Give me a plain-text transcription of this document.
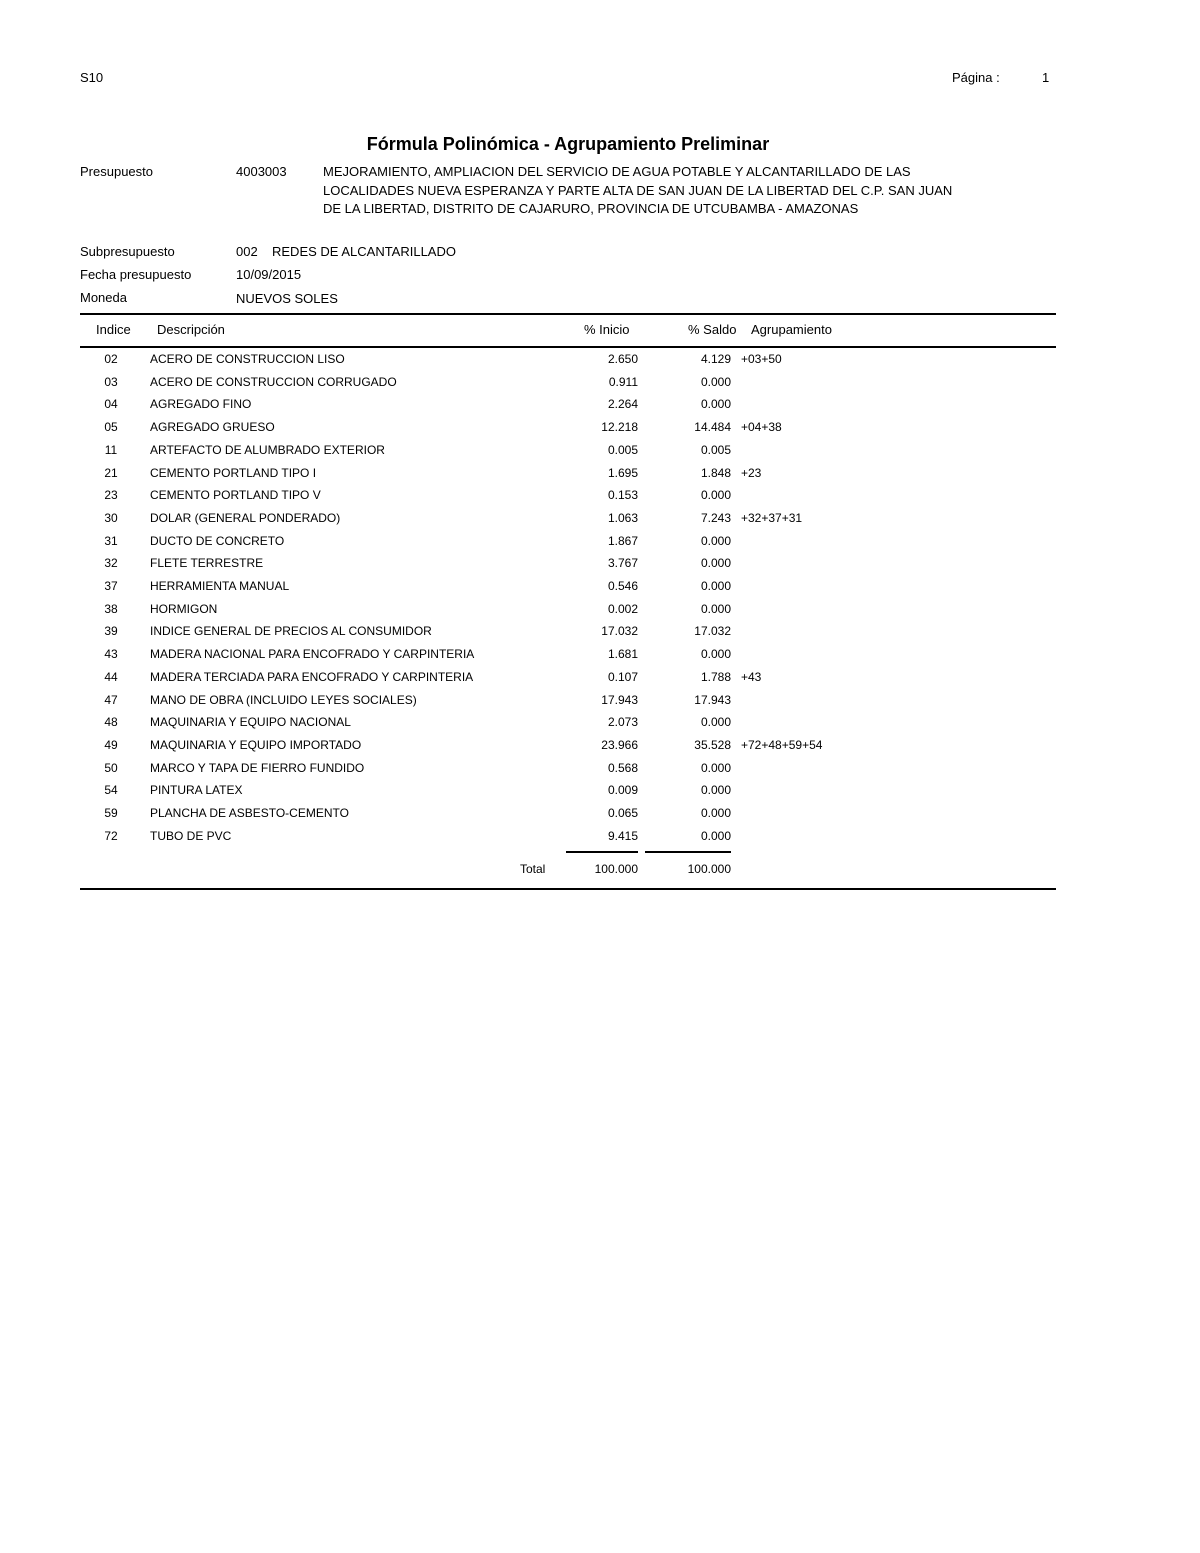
S10	Página :	1
Fórmula Polinómica - Agrupamiento Preliminar
Presupuesto	4003003	MEJORAMIENTO, AMPLIACION DEL SERVICIO DE AGUA POTABLE Y ALCANTARILLADO DE LAS LOCALIDADES NUEVA ESPERANZA Y PARTE ALTA DE SAN JUAN DE LA LIBERTAD DEL C.P. SAN JUAN DE LA LIBERTAD, DISTRITO DE CAJARURO, PROVINCIA DE UTCUBAMBA - AMAZONAS
Subpresupuesto	002 REDES DE ALCANTARILLADO
Fecha presupuesto	10/09/2015
Moneda	NUEVOS SOLES
Indice Descripción	% Inicio	% Saldo Agrupamiento
02	ACERO DE CONSTRUCCION LISO	2.650	4.129 +03+50
03	ACERO DE CONSTRUCCION CORRUGADO	0.911	0.000
04	AGREGADO FINO	2.264	0.000
05	AGREGADO GRUESO	12.218	14.484 +04+38
11	ARTEFACTO DE ALUMBRADO EXTERIOR	0.005	0.005
21	CEMENTO PORTLAND TIPO I	1.695	1.848 +23
23	CEMENTO PORTLAND TIPO V	0.153	0.000
30	DOLAR (GENERAL PONDERADO)	1.063	7.243 +32+37+31
31	DUCTO DE CONCRETO	1.867	0.000
32	FLETE TERRESTRE	3.767	0.000
37	HERRAMIENTA MANUAL	0.546	0.000
38	HORMIGON	0.002	0.000
39	INDICE GENERAL DE PRECIOS AL CONSUMIDOR	17.032	17.032
43	MADERA NACIONAL PARA ENCOFRADO Y CARPINTERIA	1.681	0.000
44	MADERA TERCIADA PARA ENCOFRADO Y CARPINTERIA	0.107	1.788 +43
47	MANO DE OBRA (INCLUIDO LEYES SOCIALES)	17.943	17.943
48	MAQUINARIA Y EQUIPO NACIONAL	2.073	0.000
49	MAQUINARIA Y EQUIPO IMPORTADO	23.966	35.528 +72+48+59+54
50	MARCO Y TAPA DE FIERRO FUNDIDO	0.568	0.000
54	PINTURA LATEX	0.009	0.000
59	PLANCHA DE ASBESTO-CEMENTO	0.065	0.000
72	TUBO DE PVC	9.415	0.000
Total	100.000	100.000
